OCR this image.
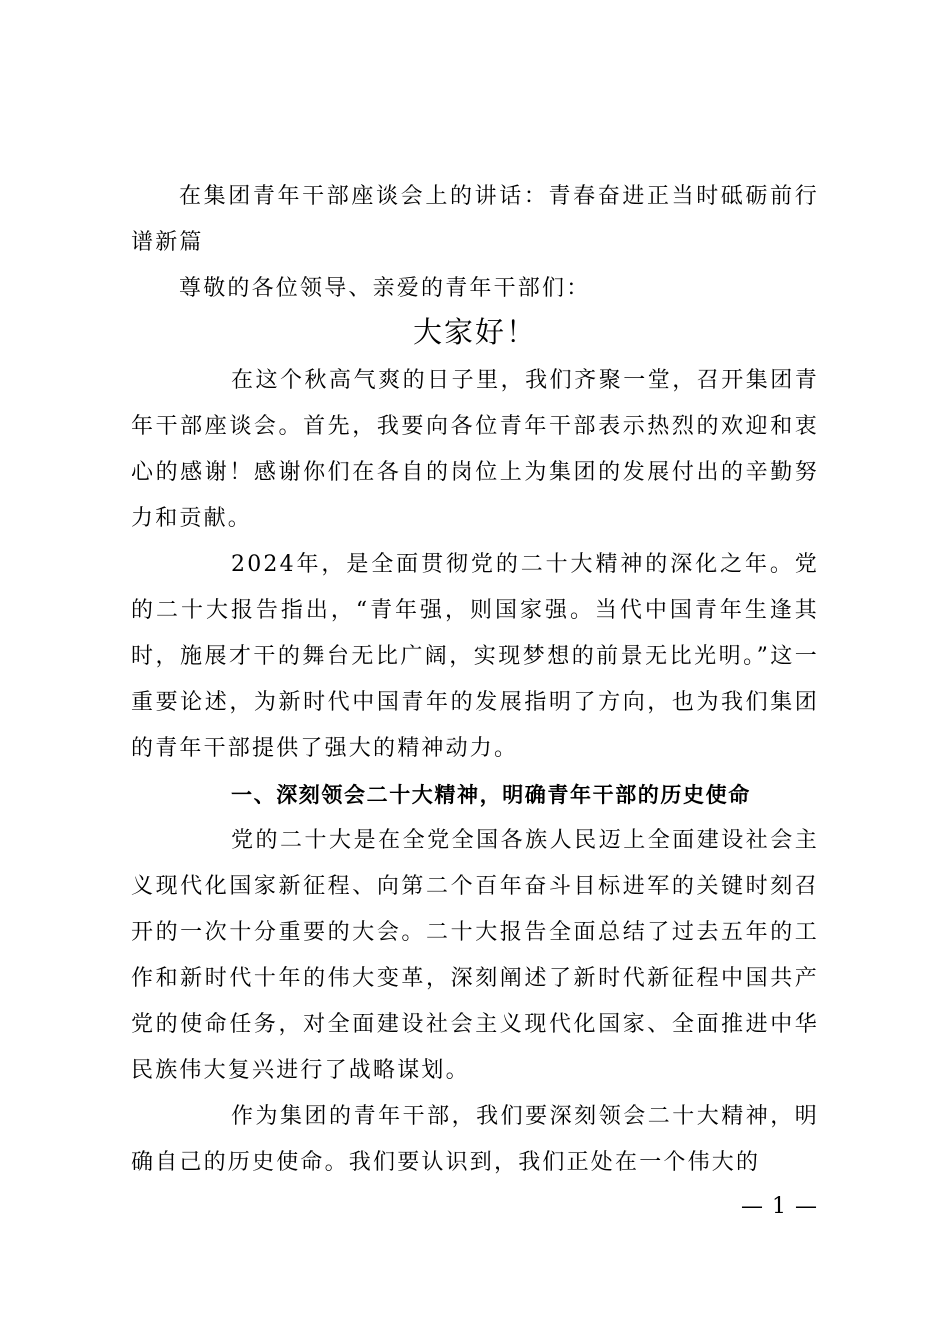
在集团青年干部座谈会上的讲话：青春奋进正当时砥砺前行谱新篇

尊敬的各位领导、亲爱的青年干部们：

大家好！

在这个秋高气爽的日子里，我们齐聚一堂，召开集团青年干部座谈会。首先，我要向各位青年干部表示热烈的欢迎和衷心的感谢！感谢你们在各自的岗位上为集团的发展付出的辛勤努力和贡献。

2024年，是全面贯彻党的二十大精神的深化之年。党的二十大报告指出，“青年强，则国家强。当代中国青年生逢其时，施展才干的舞台无比广阔，实现梦想的前景无比光明。”这一重要论述，为新时代中国青年的发展指明了方向，也为我们集团的青年干部提供了强大的精神动力。

一、深刻领会二十大精神，明确青年干部的历史使命

党的二十大是在全党全国各族人民迈上全面建设社会主义现代化国家新征程、向第二个百年奋斗目标进军的关键时刻召开的一次十分重要的大会。二十大报告全面总结了过去五年的工作和新时代十年的伟大变革，深刻阐述了新时代新征程中国共产党的使命任务，对全面建设社会主义现代化国家、全面推进中华民族伟大复兴进行了战略谋划。

作为集团的青年干部，我们要深刻领会二十大精神，明确自己的历史使命。我们要认识到，我们正处在一个伟大的

— 1 —
